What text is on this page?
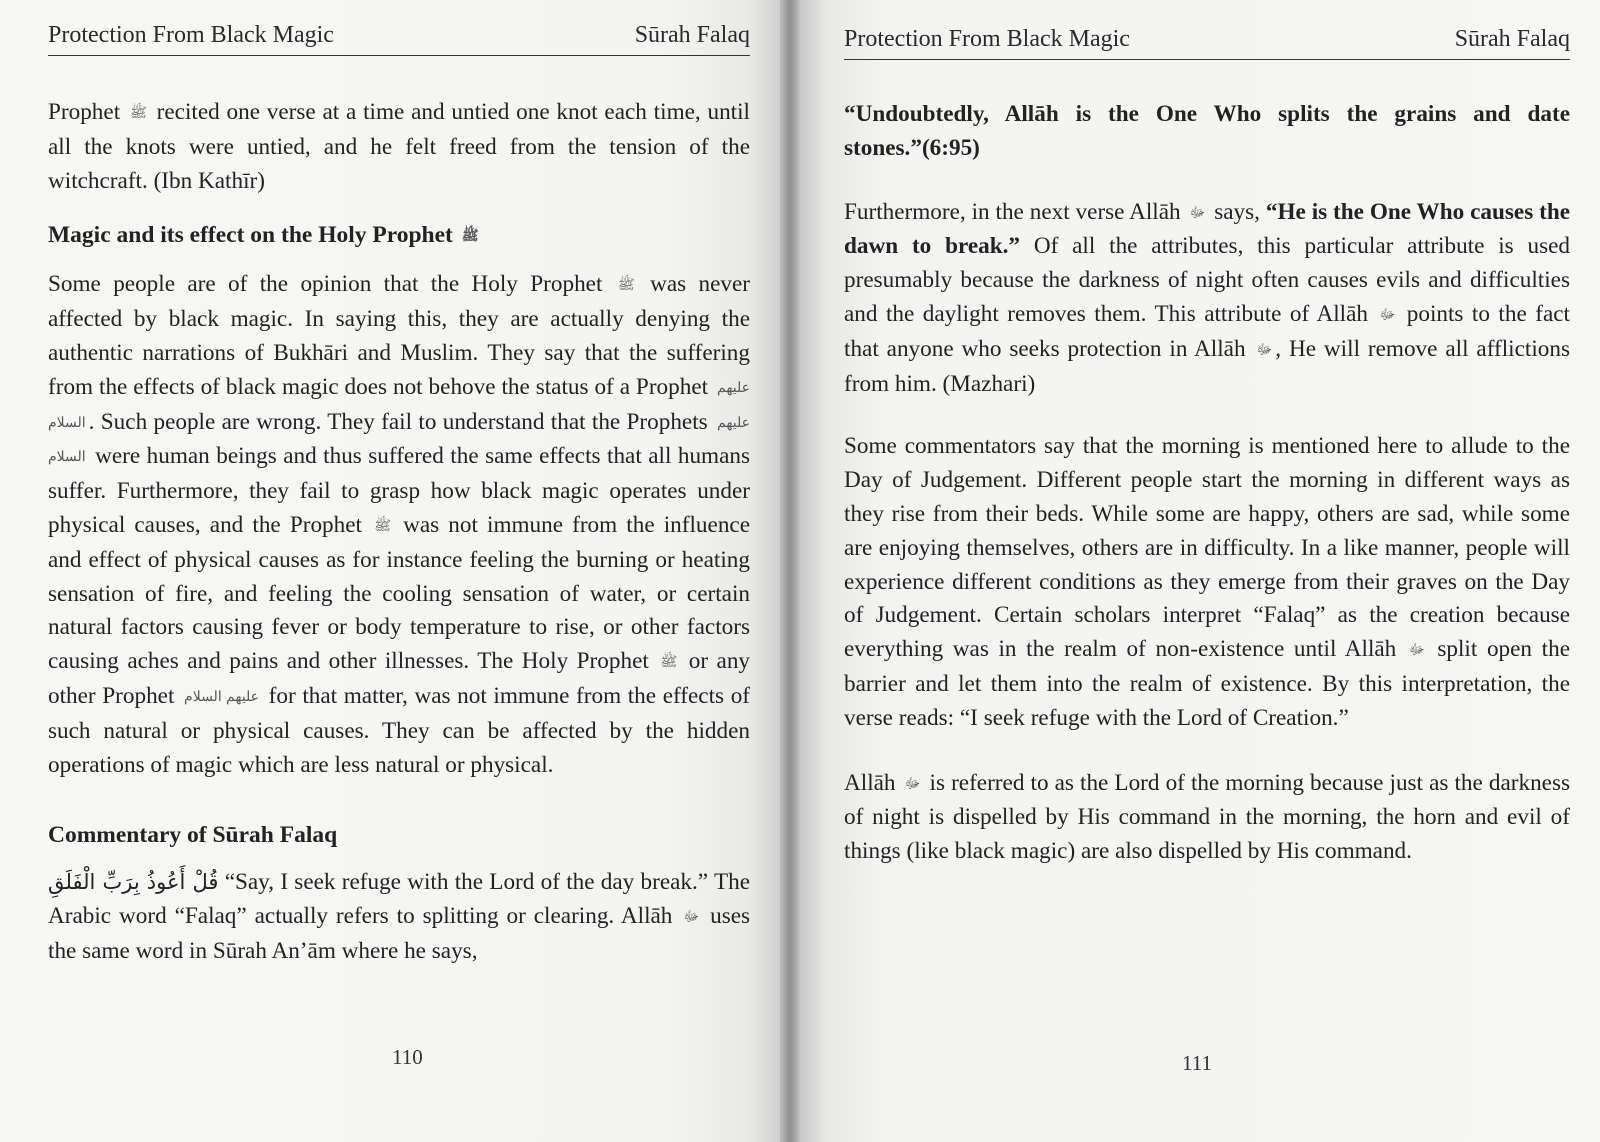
Protection From Black Magic	Sūrah Falaq

Prophet ﷺ recited one verse at a time and untied one knot each time, until all the knots were untied, and he felt freed from the tension of the witchcraft. (Ibn Kathīr)

Magic and its effect on the Holy Prophet ﷺ

Some people are of the opinion that the Holy Prophet ﷺ was never affected by black magic. In saying this, they are actually denying the authentic narrations of Bukhāri and Muslim. They say that the suffering from the effects of black magic does not behove the status of a Prophet عليهم السلام . Such people are wrong. They fail to understand that the Prophets عليهم السلام were human beings and thus suffered the same effects that all humans suffer. Furthermore, they fail to grasp how black magic operates under physical causes, and the Prophet ﷺ was not immune from the influence and effect of physical causes as for instance feeling the burning or heating sensation of fire, and feeling the cooling sensation of water, or certain natural factors causing fever or body temperature to rise, or other factors causing aches and pains and other illnesses. The Holy Prophet ﷺ or any other Prophet عليهم السلام for that matter, was not immune from the effects of such natural or physical causes. They can be affected by the hidden operations of magic which are less natural or physical.

Commentary of Sūrah Falaq

قُلْ أَعُوذُ بِرَبِّ الْفَلَقِ “Say, I seek refuge with the Lord of the day break.” The Arabic word “Falaq” actually refers to splitting or clearing. Allāh ﷻ uses the same word in Sūrah An’ām where he says,

110
Protection From Black Magic	Sūrah Falaq

“Undoubtedly, Allāh is the One Who splits the grains and date stones.”(6:95)

Furthermore, in the next verse Allāh ﷻ says, “He is the One Who causes the dawn to break.” Of all the attributes, this particular attribute is used presumably because the darkness of night often causes evils and difficulties and the daylight removes them. This attribute of Allāh ﷻ points to the fact that anyone who seeks protection in Allāh ﷻ , He will remove all afflictions from him. (Mazhari)

Some commentators say that the morning is mentioned here to allude to the Day of Judgement. Different people start the morning in different ways as they rise from their beds. While some are happy, others are sad, while some are enjoying themselves, others are in difficulty. In a like manner, people will experience different conditions as they emerge from their graves on the Day of Judgement. Certain scholars interpret “Falaq” as the creation because everything was in the realm of non-existence until Allāh ﷻ split open the barrier and let them into the realm of existence. By this interpretation, the verse reads: “I seek refuge with the Lord of Creation.”

Allāh ﷻ is referred to as the Lord of the morning because just as the darkness of night is dispelled by His command in the morning, the horn and evil of things (like black magic) are also dispelled by His command.

111
